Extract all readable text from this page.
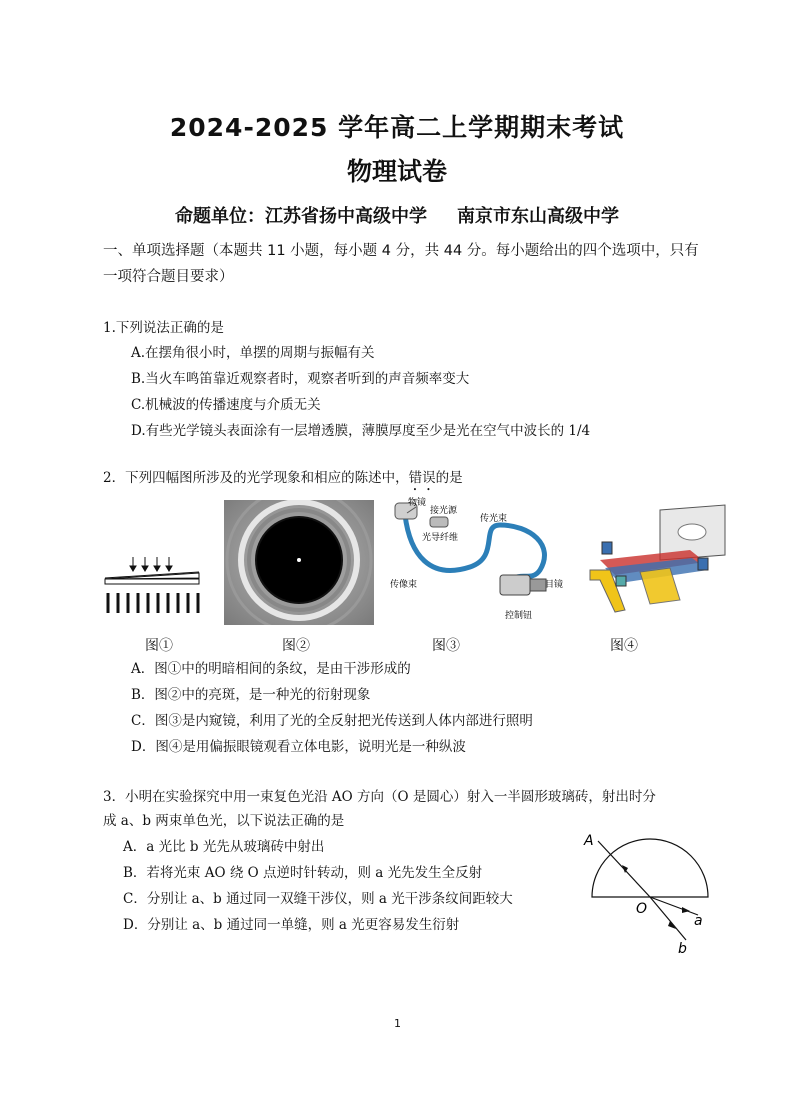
2024-2025 学年高二上学期期末考试
物理试卷
命题单位：江苏省扬中高级中学 南京市东山高级中学
一、单项选择题（本题共 11 小题，每小题 4 分，共 44 分。每小题给出的四个选项中，只有
一项符合题目要求）
1.下列说法正确的是
A.在摆角很小时，单摆的周期与振幅有关
B.当火车鸣笛靠近观察者时，观察者听到的声音频率变大
C.机械波的传播速度与介质无关
D.有些光学镜头表面涂有一层增透膜，薄膜厚度至少是光在空气中波长的 1/4
2．下列四幅图所涉及的光学现象和相应的陈述中，错误的是
物镜
接光源
传光束
光导纤维
传像束	目镜
控制钮
图①	图②	图③	图④
A．图①中的明暗相间的条纹，是由干涉形成的
B．图②中的亮斑，是一种光的衍射现象
C．图③是内窥镜，利用了光的全反射把光传送到人体内部进行照明
D．图④是用偏振眼镜观看立体电影，说明光是一种纵波
3．小明在实验探究中用一束复色光沿 AO 方向（O 是圆心）射入一半圆形玻璃砖，射出时分
成 a、b 两束单色光，以下说法正确的是
A．a 光比 b 光先从玻璃砖中射出
B．若将光束 AO 绕 O 点逆时针转动，则 a 光先发生全反射
C．分别让 a、b 通过同一双缝干涉仪，则 a 光干涉条纹间距较大
D．分别让 a、b 通过同一单缝，则 a 光更容易发生衍射
A
O
a
b
1
